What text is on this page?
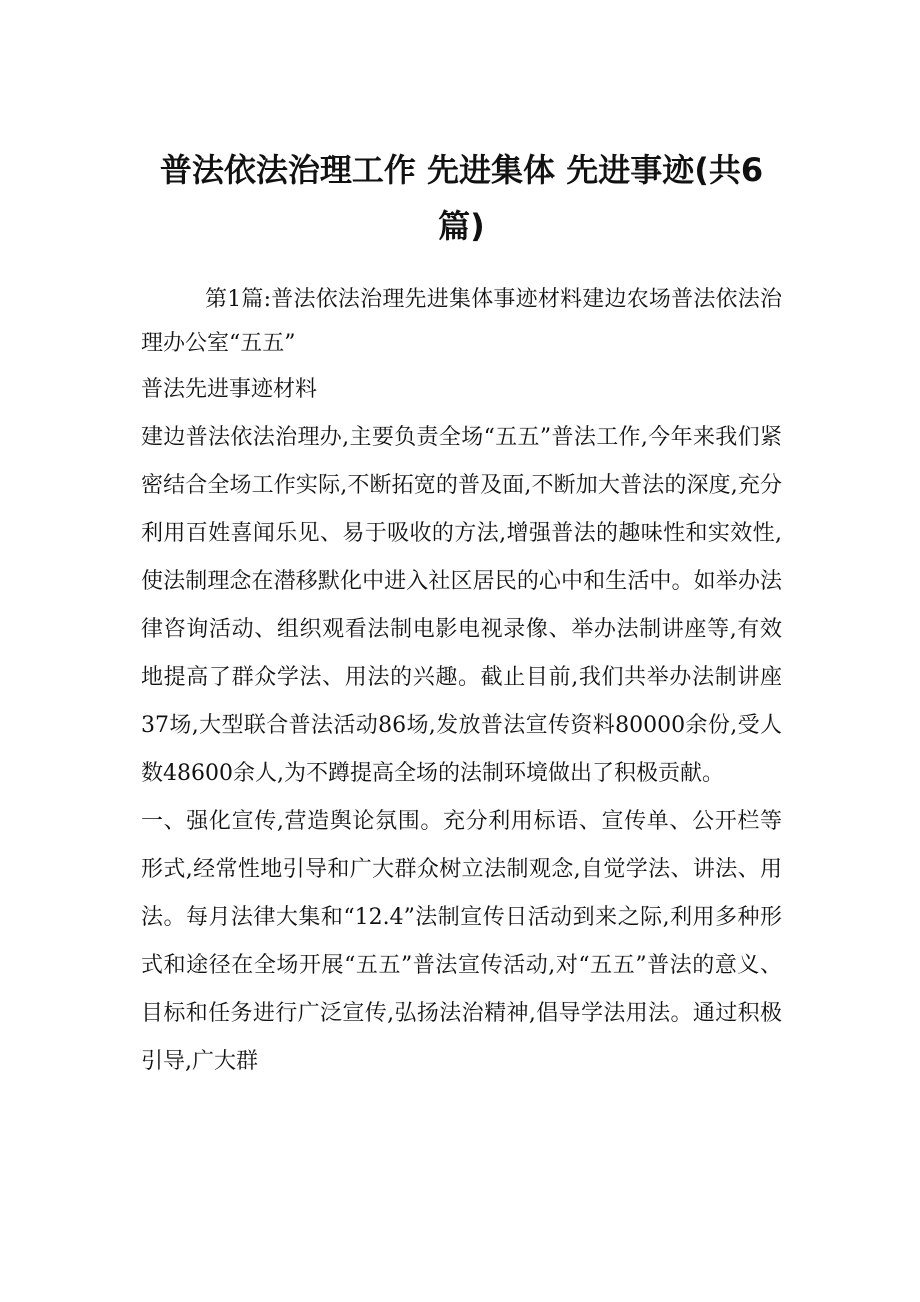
普法依法治理工作 先进集体 先进事迹(共6篇)

第1篇:普法依法治理先进集体事迹材料建边农场普法依法治理办公室“五五”

普法先进事迹材料

建边普法依法治理办,主要负责全场“五五”普法工作,今年来我们紧密结合全场工作实际,不断拓宽的普及面,不断加大普法的深度,充分利用百姓喜闻乐见、易于吸收的方法,增强普法的趣味性和实效性,使法制理念在潜移默化中进入社区居民的心中和生活中。如举办法律咨询活动、组织观看法制电影电视录像、举办法制讲座等,有效地提高了群众学法、用法的兴趣。截止目前,我们共举办法制讲座37场,大型联合普法活动86场,发放普法宣传资料80000余份,受人数48600余人,为不蹲提高全场的法制环境做出了积极贡献。

一、强化宣传,营造舆论氛围。充分利用标语、宣传单、公开栏等形式,经常性地引导和广大群众树立法制观念,自觉学法、讲法、用法。每月法律大集和“12.4”法制宣传日活动到来之际,利用多种形式和途径在全场开展“五五”普法宣传活动,对“五五”普法的意义、目标和任务进行广泛宣传,弘扬法治精神,倡导学法用法。通过积极引导,广大群
